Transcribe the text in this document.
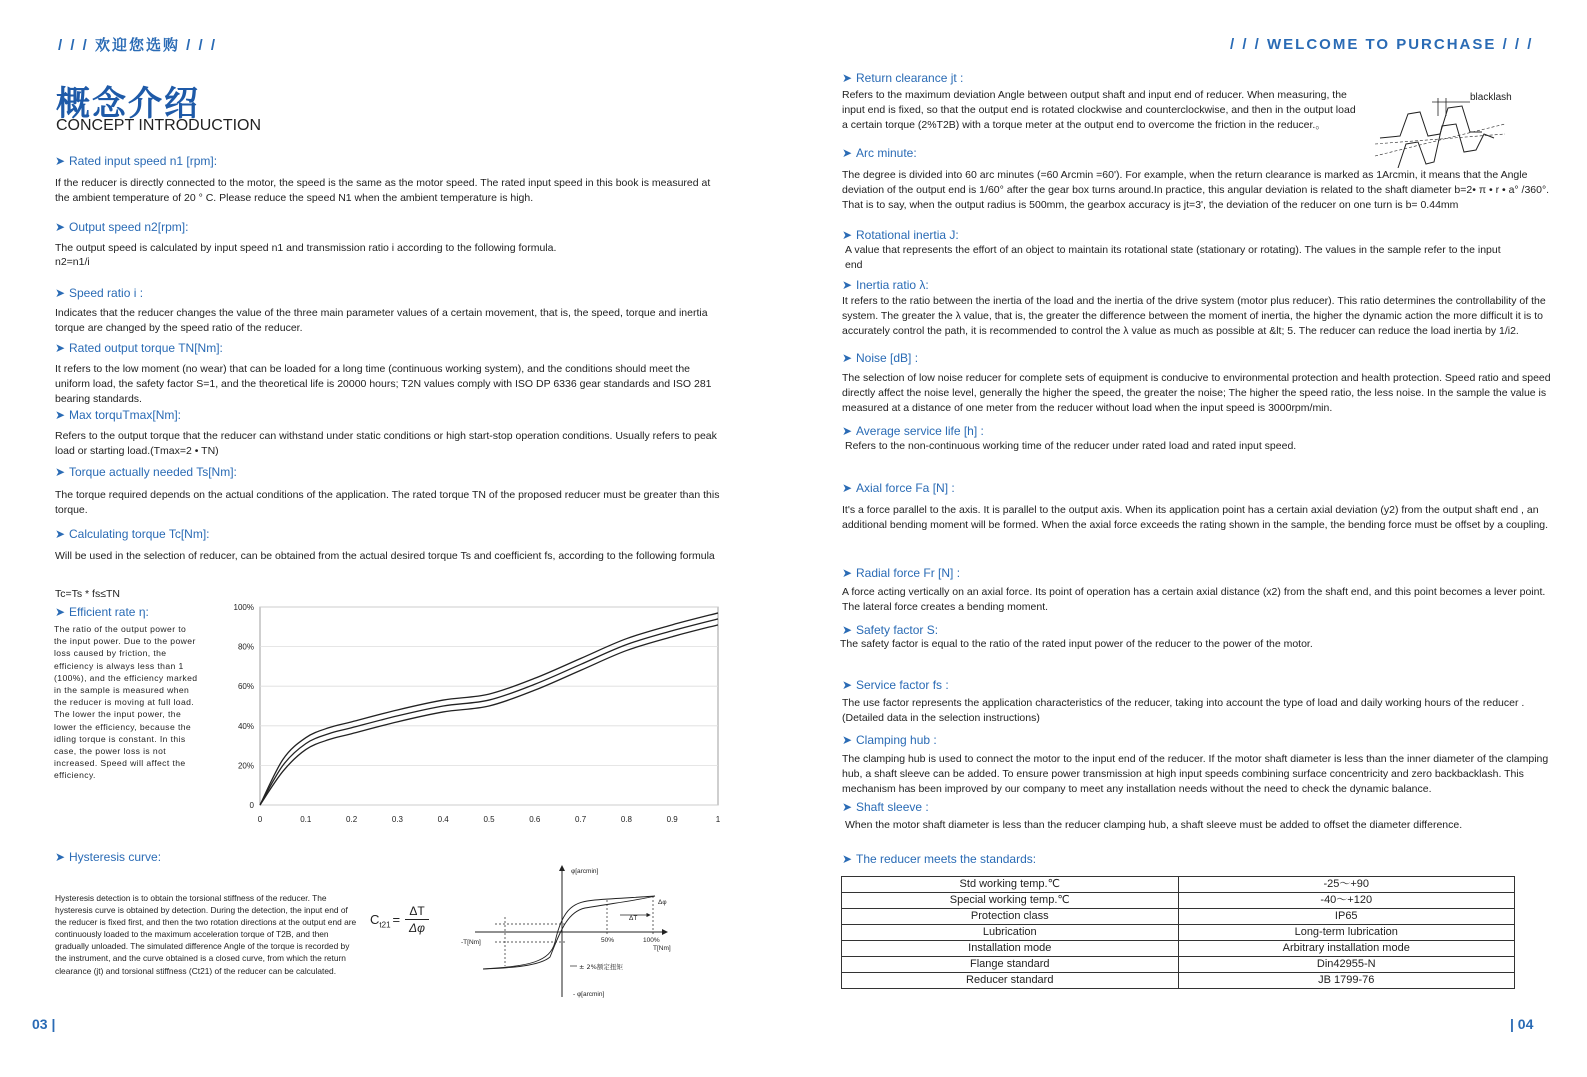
/ / / 欢迎您选购 / / /	/ / / WELCOME TO PURCHASE / / /
概念介绍
CONCEPT INTRODUCTION
➤ Rated input speed n1 [rpm]:
If the reducer is directly connected to the motor, the speed is the same as the motor speed. The rated input speed in this book is measured at the ambient temperature of 20 ° C. Please reduce the speed N1 when the ambient temperature is high.
➤ Output speed n2[rpm]:
The output speed is calculated by input speed n1 and transmission ratio i according to the following formula.
n2=n1/i
➤ Speed ratio i :
Indicates that the reducer changes the value of the three main parameter values of a certain movement, that is, the speed, torque and inertia torque are changed by the speed ratio of the reducer.
➤ Rated output torque TN[Nm]:
It refers to the low moment (no wear) that can be loaded for a long time (continuous working system), and the conditions should meet the uniform load, the safety factor S=1, and the theoretical life is 20000 hours; T2N values comply with ISO DP 6336 gear standards and ISO 281 bearing standards.
➤ Max torquTmax[Nm]:
Refers to the output torque that the reducer can withstand under static conditions or high start-stop operation conditions. Usually refers to peak load or starting load.(Tmax=2 • TN)
➤ Torque actually needed Ts[Nm]:
The torque required depends on the actual conditions of the application. The rated torque TN of the proposed reducer must be greater than this torque.
➤ Calculating torque Tc[Nm]:
Will be used in the selection of reducer, can be obtained from the actual desired torque Ts and coefficient fs, according to the following formula
Tc=Ts * fs≤TN
➤ Efficient rate η:
The ratio of the output power to the input power. Due to the power loss caused by friction, the efficiency is always less than 1 (100%), and the efficiency marked in the sample is measured when the reducer is moving at full load. The lower the input power, the lower the efficiency, because the idling torque is constant. In this case, the power loss is not increased. Speed will affect the efficiency.
0
20%
40%
60%
80%
100%
0	0.1	0.2	0.3	0.4	0.5	0.6	0.7	0.8	0.9	1
➤ Hysteresis curve:
Hysteresis detection is to obtain the torsional stiffness of the reducer. The hysteresis curve is obtained by detection. During the detection, the input end of the reducer is fixed first, and then the two rotation directions at the output end are continuously loaded to the maximum acceleration torque of T2B, and then gradually unloaded. The simulated difference Angle of the torque is recorded by the instrument, and the curve obtained is a closed curve, from which the return clearance (jt) and torsional stiffness (Ct21) of the reducer can be calculated.
$C_{t21}$ =
ΔT
Δφ
φ[arcmin]
- φ[arcmin]
-T[Nm]
T[Nm]
50%	100%
ΔT
Δφ
± 2%额定扭矩
➤ Return clearance jt :
Refers to the maximum deviation Angle between output shaft and input end of reducer. When measuring, the input end is fixed, so that the output end is rotated clockwise and counterclockwise, and then in the output load a certain torque (2%T2B) with a torque meter at the output end to overcome the friction in the reducer.。
blacklash
➤ Arc minute:
The degree is divided into 60 arc minutes (=60 Arcmin =60'). For example, when the return clearance is marked as 1Arcmin, it means that the Angle deviation of the output end is 1/60° after the gear box turns around.In practice, this angular deviation is related to the shaft diameter b=2• π • r • a° /360°. That is to say, when the output radius is 500mm, the gearbox accuracy is jt=3', the deviation of the reducer on one turn is b= 0.44mm
➤ Rotational inertia J:
A value that represents the effort of an object to maintain its rotational state (stationary or rotating). The values in the sample refer to the input end
➤ Inertia ratio λ:
It refers to the ratio between the inertia of the load and the inertia of the drive system (motor plus reducer). This ratio determines the controllability of the system. The greater the λ value, that is, the greater the difference between the moment of inertia, the higher the dynamic action the more difficult it is to accurately control the path, it is recommended to control the λ value as much as possible at &lt; 5. The reducer can reduce the load inertia by 1/i2.
➤ Noise [dB] :
The selection of low noise reducer for complete sets of equipment is conducive to environmental protection and health protection. Speed ratio and speed directly affect the noise level, generally the higher the speed, the greater the noise; The higher the speed ratio, the less noise. In the sample the value is measured at a distance of one meter from the reducer without load when the input speed is 3000rpm/min.
➤ Average service life [h] :
Refers to the non-continuous working time of the reducer under rated load and rated input speed.
➤ Axial force Fa [N] :
It's a force parallel to the axis. It is parallel to the output axis. When its application point has a certain axial deviation (y2) from the output shaft end , an additional bending moment will be formed. When the axial force exceeds the rating shown in the sample, the bending force must be offset by a coupling.
➤ Radial force Fr [N] :
A force acting vertically on an axial force. Its point of operation has a certain axial distance (x2) from the shaft end, and this point becomes a lever point. The lateral force creates a bending moment.
➤ Safety factor S:
The safety factor is equal to the ratio of the rated input power of the reducer to the power of the motor.
➤ Service factor fs :
The use factor represents the application characteristics of the reducer, taking into account the type of load and daily working hours of the reducer . (Detailed data in the selection instructions)
➤ Clamping hub :
The clamping hub is used to connect the motor to the input end of the reducer. If the motor shaft diameter is less than the inner diameter of the clamping hub, a shaft sleeve can be added. To ensure power transmission at high input speeds combining surface concentricity and zero backbacklash. This mechanism has been improved by our company to meet any installation needs without the need to check the dynamic balance.
➤ Shaft sleeve :
When the motor shaft diameter is less than the reducer clamping hub, a shaft sleeve must be added to offset the diameter difference.
➤ The reducer meets the standards:
Std working temp.℃	-25～+90
Special working temp.℃	-40～+120
Protection class	IP65
Lubrication	Long-term lubrication
Installation mode	Arbitrary installation mode
Flange standard	Din42955-N
Reducer standard	JB 1799-76
03 |	| 04
